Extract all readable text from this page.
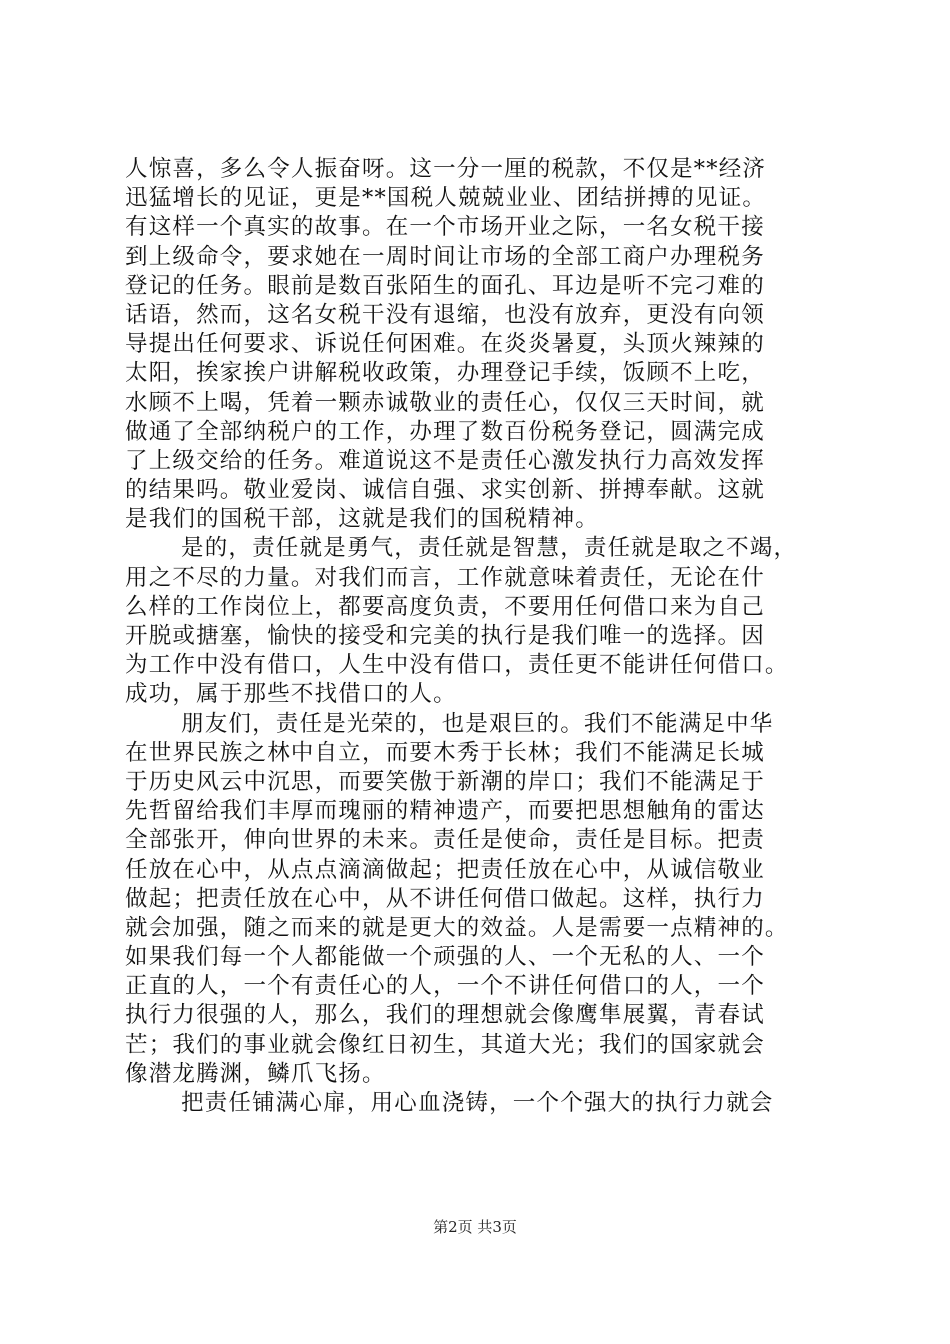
人惊喜，多么令人振奋呀。这一分一厘的税款，不仅是**经济
迅猛增长的见证，更是**国税人兢兢业业、团结拼搏的见证。
有这样一个真实的故事。在一个市场开业之际，一名女税干接
到上级命令，要求她在一周时间让市场的全部工商户办理税务
登记的任务。眼前是数百张陌生的面孔、耳边是听不完刁难的
话语，然而，这名女税干没有退缩，也没有放弃，更没有向领
导提出任何要求、诉说任何困难。在炎炎暑夏，头顶火辣辣的
太阳，挨家挨户讲解税收政策，办理登记手续，饭顾不上吃，
水顾不上喝，凭着一颗赤诚敬业的责任心，仅仅三天时间，就
做通了全部纳税户的工作，办理了数百份税务登记，圆满完成
了上级交给的任务。难道说这不是责任心激发执行力高效发挥
的结果吗。敬业爱岗、诚信自强、求实创新、拼搏奉献。这就
是我们的国税干部，这就是我们的国税精神。
是的，责任就是勇气，责任就是智慧，责任就是取之不竭，
用之不尽的力量。对我们而言，工作就意味着责任，无论在什
么样的工作岗位上，都要高度负责，不要用任何借口来为自己
开脱或搪塞，愉快的接受和完美的执行是我们唯一的选择。因
为工作中没有借口，人生中没有借口，责任更不能讲任何借口。
成功，属于那些不找借口的人。
朋友们，责任是光荣的，也是艰巨的。我们不能满足中华
在世界民族之林中自立，而要木秀于长林；我们不能满足长城
于历史风云中沉思，而要笑傲于新潮的岸口；我们不能满足于
先哲留给我们丰厚而瑰丽的精神遗产，而要把思想触角的雷达
全部张开，伸向世界的未来。责任是使命，责任是目标。把责
任放在心中，从点点滴滴做起；把责任放在心中，从诚信敬业
做起；把责任放在心中，从不讲任何借口做起。这样，执行力
就会加强，随之而来的就是更大的效益。人是需要一点精神的。
如果我们每一个人都能做一个顽强的人、一个无私的人、一个
正直的人，一个有责任心的人，一个不讲任何借口的人，一个
执行力很强的人，那么，我们的理想就会像鹰隼展翼，青春试
芒；我们的事业就会像红日初生，其道大光；我们的国家就会
像潜龙腾渊，鳞爪飞扬。
把责任铺满心扉，用心血浇铸，一个个强大的执行力就会
第2页 共3页
